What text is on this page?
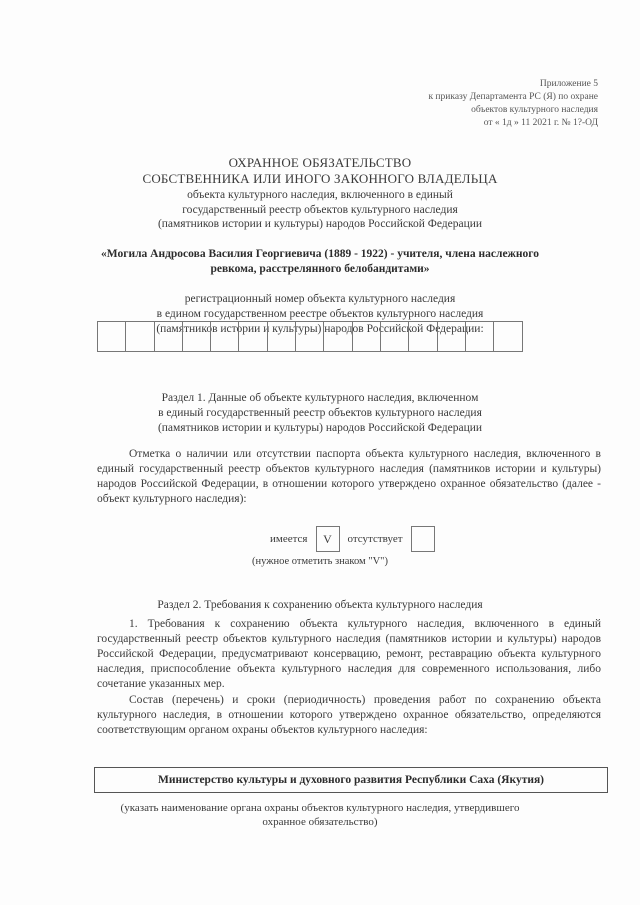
Приложение 5
к приказу Департамента РС (Я) по охране
объектов культурного наследия
от « 1д » 11 2021 г. № 1?-ОД
ОХРАННОЕ ОБЯЗАТЕЛЬСТВО
СОБСТВЕННИКА ИЛИ ИНОГО ЗАКОННОГО ВЛАДЕЛЬЦА
объекта культурного наследия, включенного в единый
государственный реестр объектов культурного наследия
(памятников истории и культуры) народов Российской Федерации
«Могила Андросова Василия Георгиевича (1889 - 1922) - учителя, члена наслежного
ревкома, расстрелянного белобандитами»
регистрационный номер объекта культурного наследия
в едином государственном реестре объектов культурного наследия
(памятников истории и культуры) народов Российской Федерации:
Раздел 1. Данные об объекте культурного наследия, включенном
в единый государственный реестр объектов культурного наследия
(памятников истории и культуры) народов Российской Федерации
Отметка о наличии или отсутствии паспорта объекта культурного наследия, включенного в единый государственный реестр объектов культурного наследия (памятников истории и культуры) народов Российской Федерации, в отношении которого утверждено охранное обязательство (далее - объект культурного наследия):
имеется	V	отсутствует
(нужное отметить знаком "V")
Раздел 2. Требования к сохранению объекта культурного наследия
1. Требования к сохранению объекта культурного наследия, включенного в единый государственный реестр объектов культурного наследия (памятников истории и культуры) народов Российской Федерации, предусматривают консервацию, ремонт, реставрацию объекта культурного наследия, приспособление объекта культурного наследия для современного использования, либо сочетание указанных мер.
Состав (перечень) и сроки (периодичность) проведения работ по сохранению объекта культурного наследия, в отношении которого утверждено охранное обязательство, определяются соответствующим органом охраны объектов культурного наследия:
Министерство культуры и духовного развития Республики Саха (Якутия)
(указать наименование органа охраны объектов культурного наследия, утвердившего
охранное обязательство)
